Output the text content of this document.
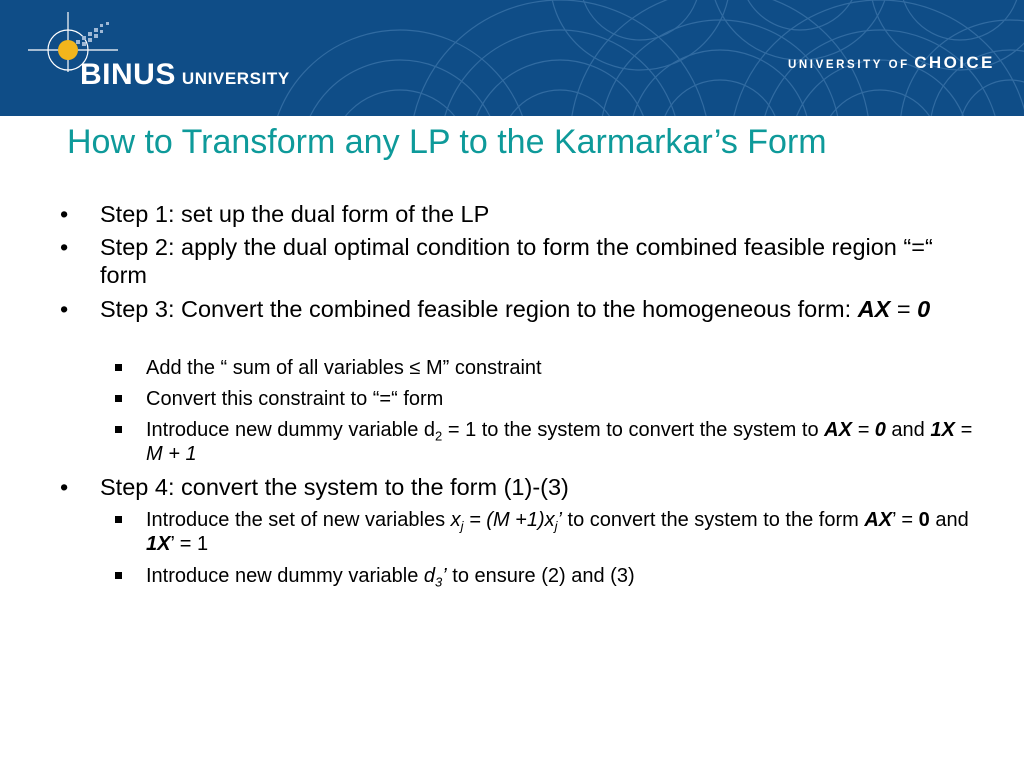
BINUS UNIVERSITY
UNIVERSITY OF CHOICE
How to Transform any LP to the Karmarkar’s Form
• Step 1: set up the dual form of the LP
• Step 2: apply the dual optimal condition to form the combined feasible region “=“ form
• Step 3: Convert the combined feasible region to the homogeneous form: AX = 0
Add the “ sum of all variables ≤ M” constraint
Convert this constraint to “=“ form
Introduce new dummy variable $d_2 = 1$ to the system to convert the system to AX = 0 and 1X = M + 1
• Step 4: convert the system to the form (1)-(3)
Introduce the set of new variables $x_j = (M +1)x_j$’ to convert the system to the form AX’ = 0 and 1X’ = 1
Introduce new dummy variable $d_3$’ to ensure (2) and (3)
